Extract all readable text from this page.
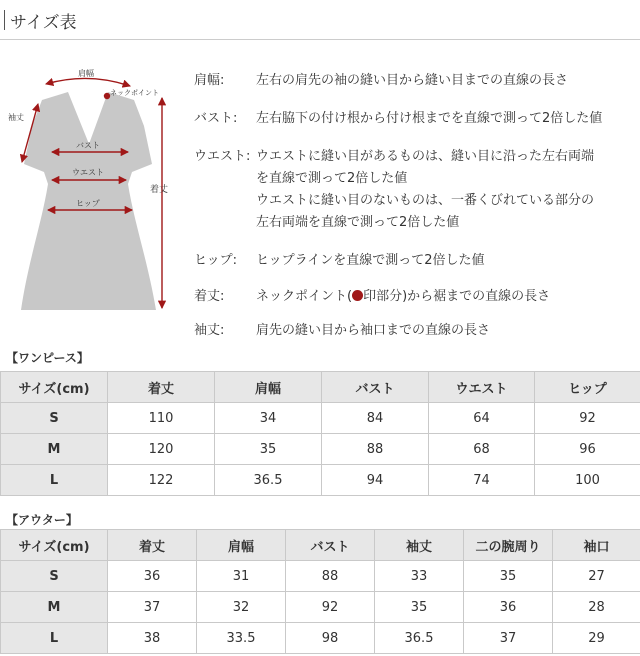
サイズ表
肩幅
ネックポイント
袖丈
バスト
ウエスト
ヒップ
着丈
肩幅: 左右の肩先の袖の縫い目から縫い目までの直線の長さ
バスト: 左右脇下の付け根から付け根までを直線で測って2倍した値
ウエスト: ウエストに縫い目があるものは、縫い目に沿った左右両端
を直線で測って2倍した値
ウエストに縫い目のないものは、一番くびれている部分の
左右両端を直線で測って2倍した値
ヒップ: ヒップラインを直線で測って2倍した値
着丈: ネックポイント( 印部分)から裾までの直線の長さ
袖丈: 肩先の縫い目から袖口までの直線の長さ
【ワンピース】
サイズ(cm)	着丈	肩幅	バスト	ウエスト	ヒップ
S	110	34	84	64	92
M	120	35	88	68	96
L	122	36.5	94	74	100
【アウター】
サイズ(cm)	着丈	肩幅	バスト	袖丈	二の腕周り	袖口
S	36	31	88	33	35	27
M	37	32	92	35	36	28
L	38	33.5	98	36.5	37	29
